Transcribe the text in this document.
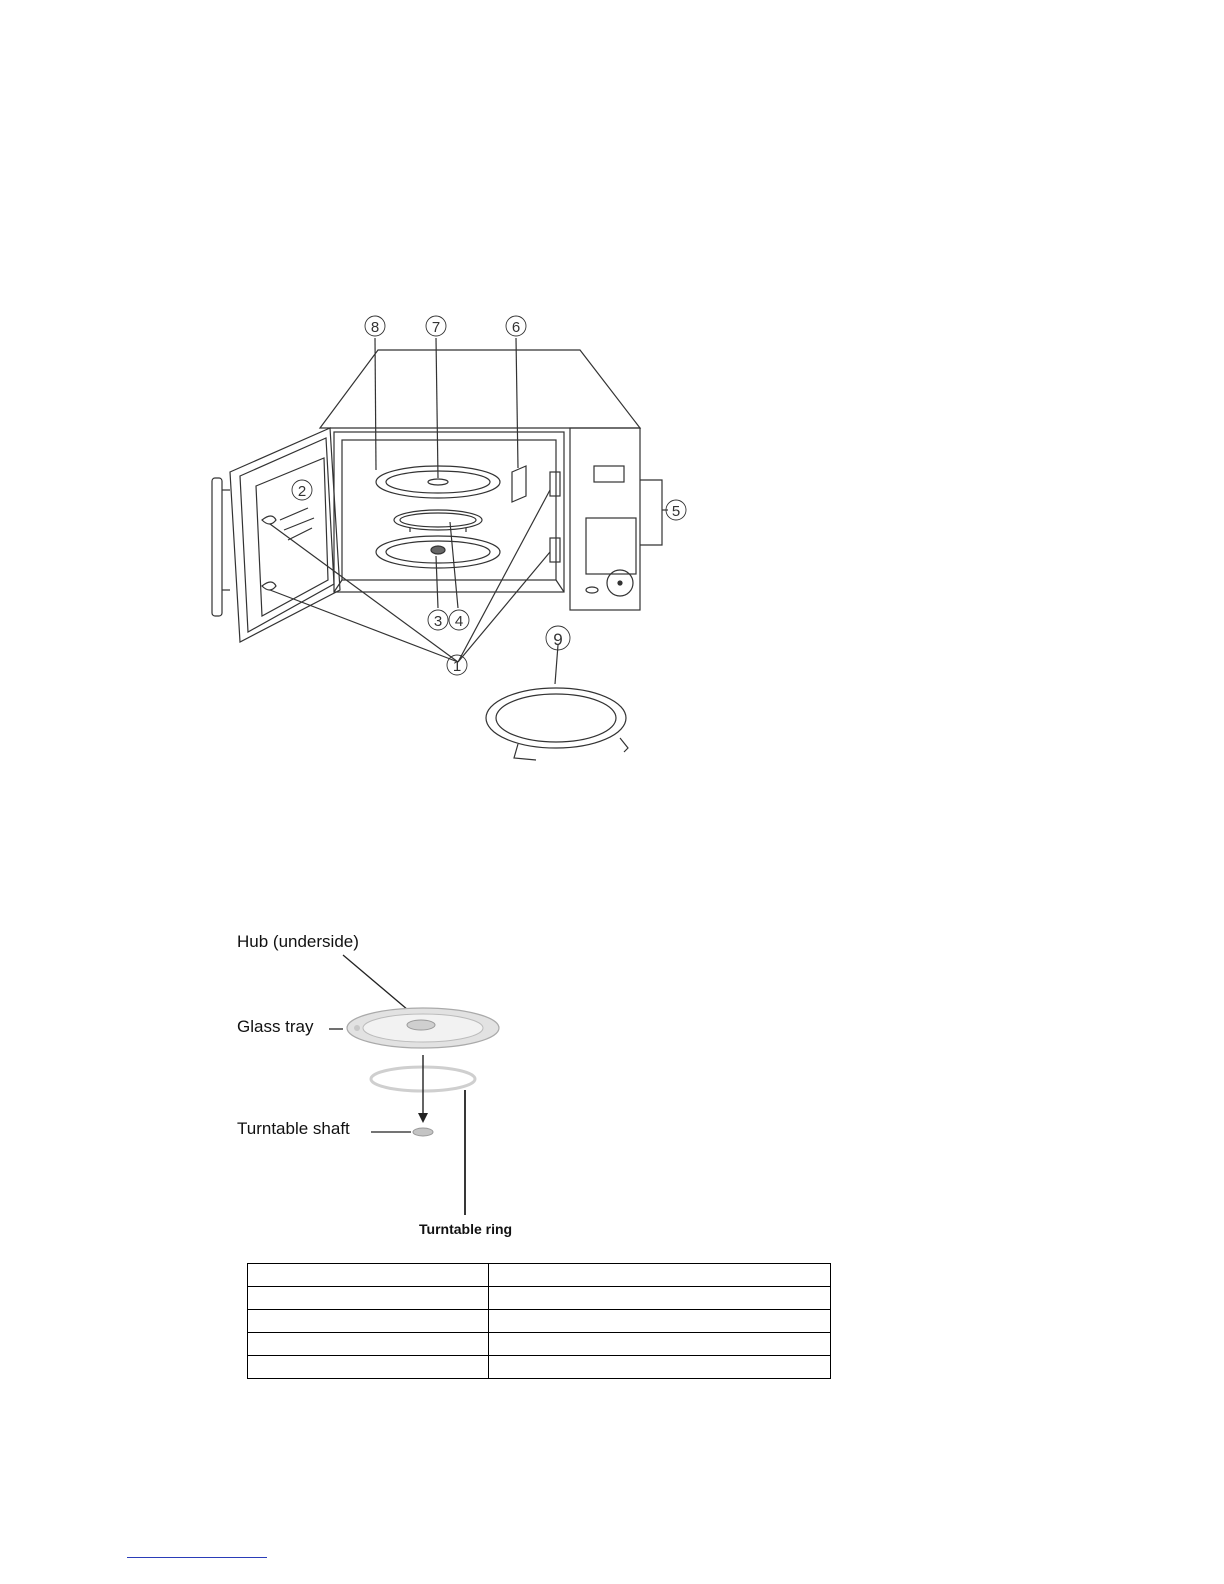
8	7	6
2
5
3 4
1
9
Hub (underside)
Glass tray
Turntable shaft
Turntable ring
